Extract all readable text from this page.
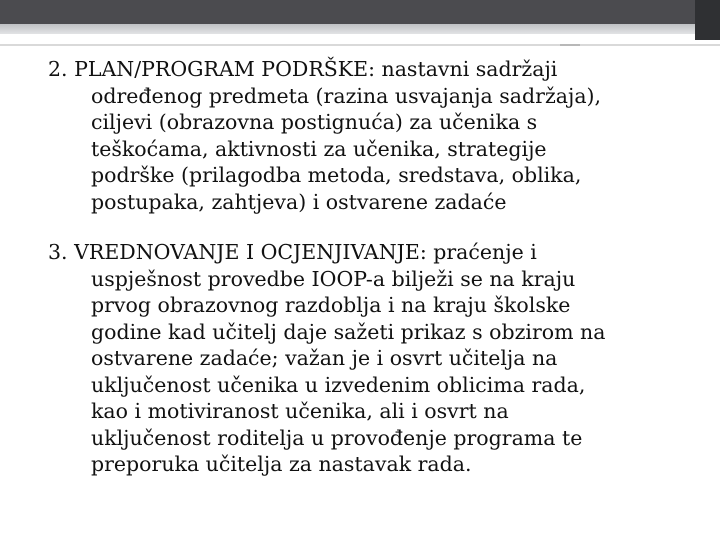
2. PLAN/PROGRAM PODRŠKE: nastavni sadržaji
određenog predmeta (razina usvajanja sadržaja),
ciljevi (obrazovna postignuća) za učenika s
teškoćama, aktivnosti za učenika, strategije
podrške (prilagodba metoda, sredstava, oblika,
postupaka, zahtjeva) i ostvarene zadaće

3. VREDNOVANJE I OCJENJIVANJE: praćenje i
uspješnost provedbe IOOP-a bilježi se na kraju
prvog obrazovnog razdoblja i na kraju školske
godine kad učitelj daje sažeti prikaz s obzirom na
ostvarene zadaće; važan je i osvrt učitelja na
uključenost učenika u izvedenim oblicima rada,
kao i motiviranost učenika, ali i osvrt na
uključenost roditelja u provođenje programa te
preporuka učitelja za nastavak rada.
